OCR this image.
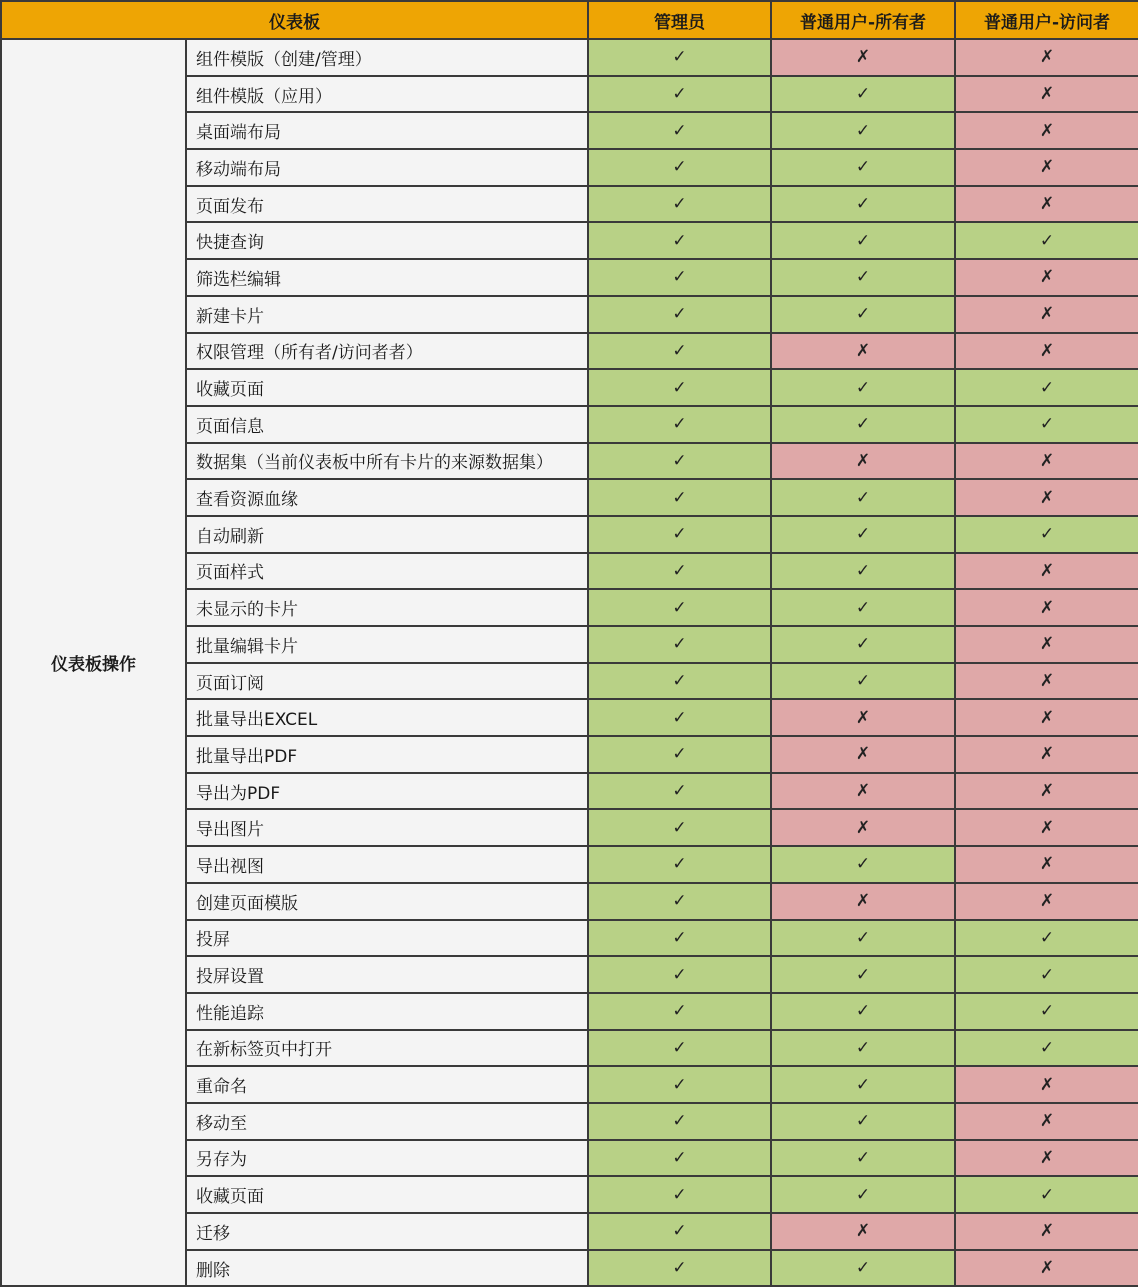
仪表板		管理员	普通用户-所有者	普通用户-访问者
仪表板操作	组件模版（创建/管理）	✓	✗	✗
	组件模版（应用）	✓	✓	✗
	桌面端布局	✓	✓	✗
	移动端布局	✓	✓	✗
	页面发布	✓	✓	✗
	快捷查询	✓	✓	✓
	筛选栏编辑	✓	✓	✗
	新建卡片	✓	✓	✗
	权限管理（所有者/访问者者）	✓	✗	✗
	收藏页面	✓	✓	✓
	页面信息	✓	✓	✓
	数据集（当前仪表板中所有卡片的来源数据集）	✓	✗	✗
	查看资源血缘	✓	✓	✗
	自动刷新	✓	✓	✓
	页面样式	✓	✓	✗
	未显示的卡片	✓	✓	✗
	批量编辑卡片	✓	✓	✗
	页面订阅	✓	✓	✗
	批量导出EXCEL	✓	✗	✗
	批量导出PDF	✓	✗	✗
	导出为PDF	✓	✗	✗
	导出图片	✓	✗	✗
	导出视图	✓	✓	✗
	创建页面模版	✓	✗	✗
	投屏	✓	✓	✓
	投屏设置	✓	✓	✓
	性能追踪	✓	✓	✓
	在新标签页中打开	✓	✓	✓
	重命名	✓	✓	✗
	移动至	✓	✓	✗
	另存为	✓	✓	✗
	收藏页面	✓	✓	✓
	迁移	✓	✗	✗
	删除	✓	✓	✗
